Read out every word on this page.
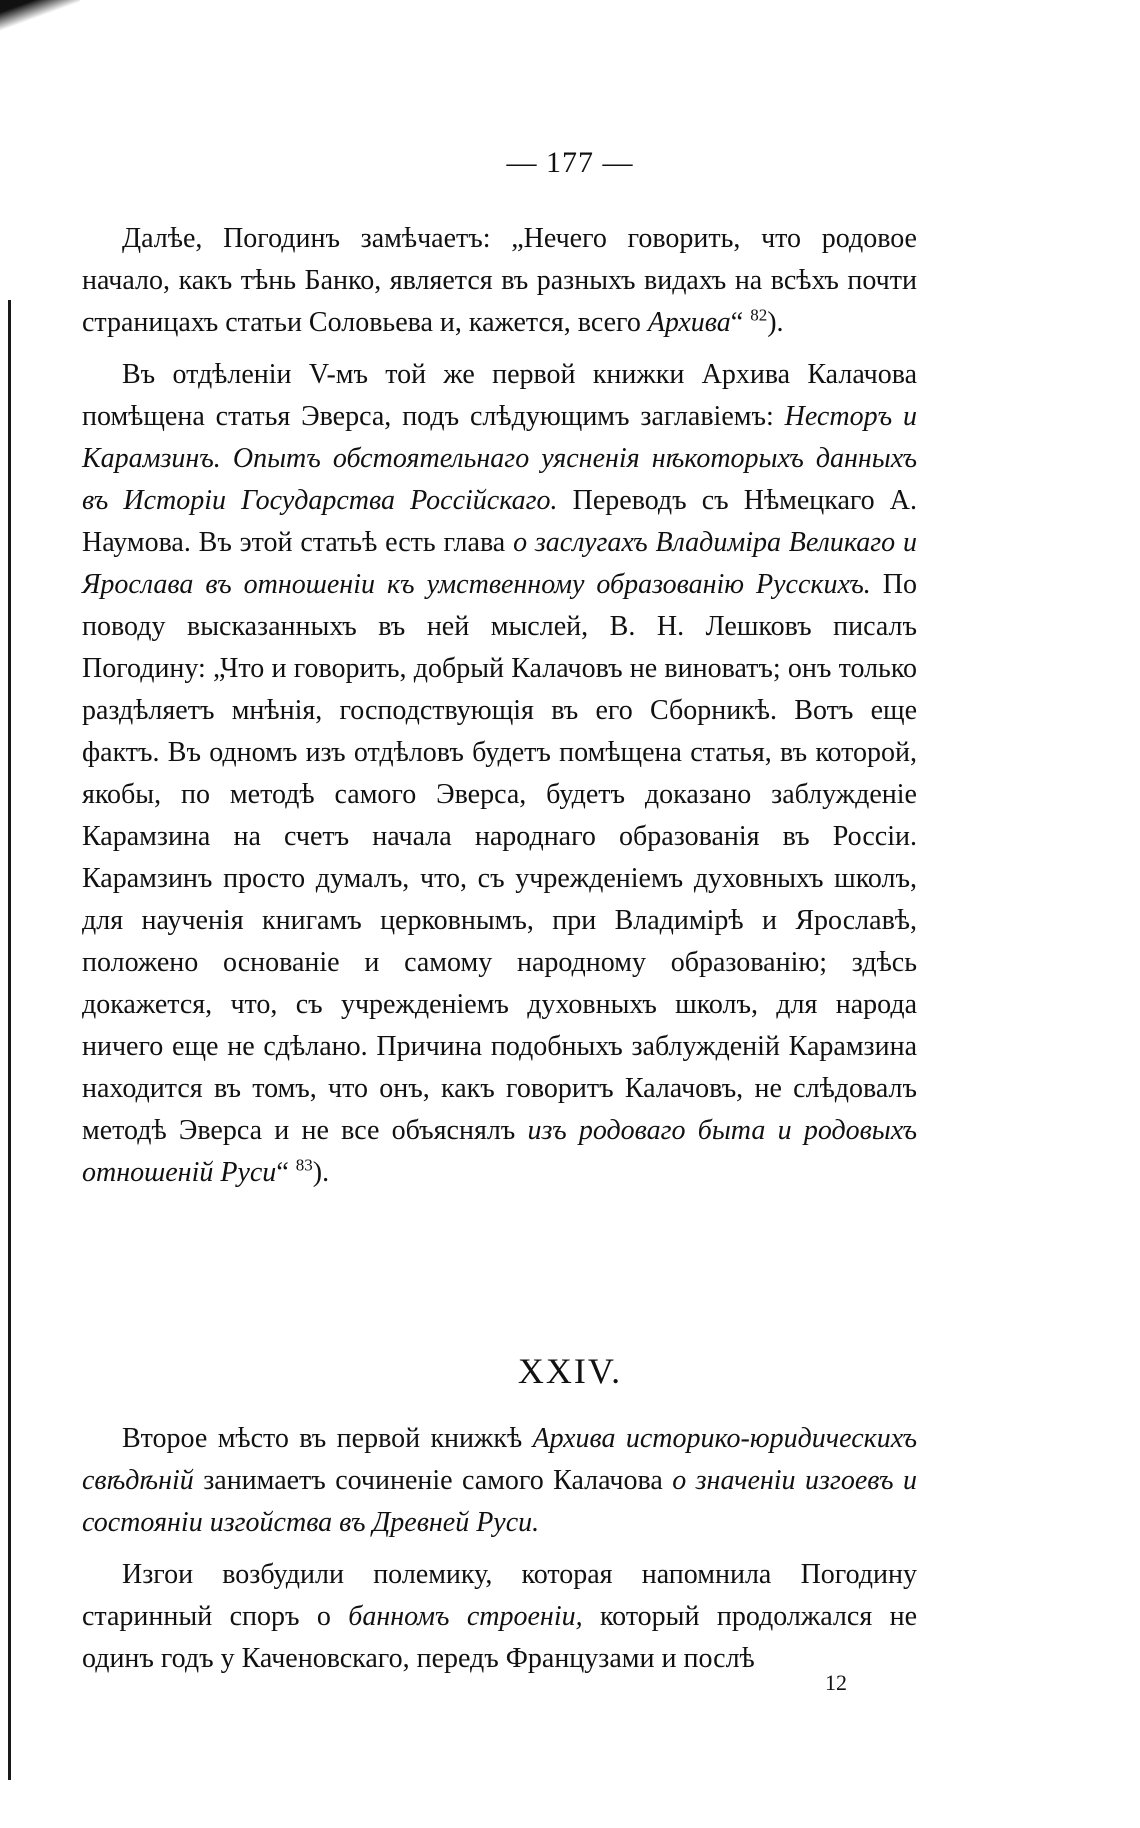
— 177 —

Далѣе, Погодинъ замѣчаетъ: „Нечего говорить, что родовое начало, какъ тѣнь Банко, является въ разныхъ видахъ на всѣхъ почти страницахъ статьи Соловьева и, кажется, всего Архива“ $^{82}$).

Въ отдѣленіи V-мъ той же первой книжки Архива Калачова помѣщена статья Эверса, подъ слѣдующимъ заглавіемъ: Несторъ и Карамзинъ. Опытъ обстоятельнаго уясненія нѣкоторыхъ данныхъ въ Исторіи Государства Россійскаго. Переводъ съ Нѣмецкаго А. Наумова. Въ этой статьѣ есть глава о заслугахъ Владиміра Великаго и Ярослава въ отношеніи къ умственному образованію Русскихъ. По поводу высказанныхъ въ ней мыслей, В. Н. Лешковъ писалъ Погодину: „Что и говорить, добрый Калачовъ не виноватъ; онъ только раздѣляетъ мнѣнія, господствующія въ его Сборникѣ. Вотъ еще фактъ. Въ одномъ изъ отдѣловъ будетъ помѣщена статья, въ которой, якобы, по методѣ самого Эверса, будетъ доказано заблужденіе Карамзина на счетъ начала народнаго образованія въ Россіи. Карамзинъ просто думалъ, что, съ учрежденіемъ духовныхъ школъ, для наученія книгамъ церковнымъ, при Владимірѣ и Ярославѣ, положено основаніе и самому народному образованію; здѣсь докажется, что, съ учрежденіемъ духовныхъ школъ, для народа ничего еще не сдѣлано. Причина подобныхъ заблужденій Карамзина находится въ томъ, что онъ, какъ говоритъ Калачовъ, не слѣдовалъ методѣ Эверса и не все объяснялъ изъ родоваго быта и родовыхъ отношеній Руси“ $^{83}$).

XXIV.

Второе мѣсто въ первой книжкѣ Архива историко-юридическихъ свѣдѣній занимаетъ сочиненіе самого Калачова о значеніи изгоевъ и состояніи изгойства въ Древней Руси.

Изгои возбудили полемику, которая напомнила Погодину старинный споръ о банномъ строеніи, который продолжался не одинъ годъ у Каченовскаго, передъ Французами и послѣ

12
